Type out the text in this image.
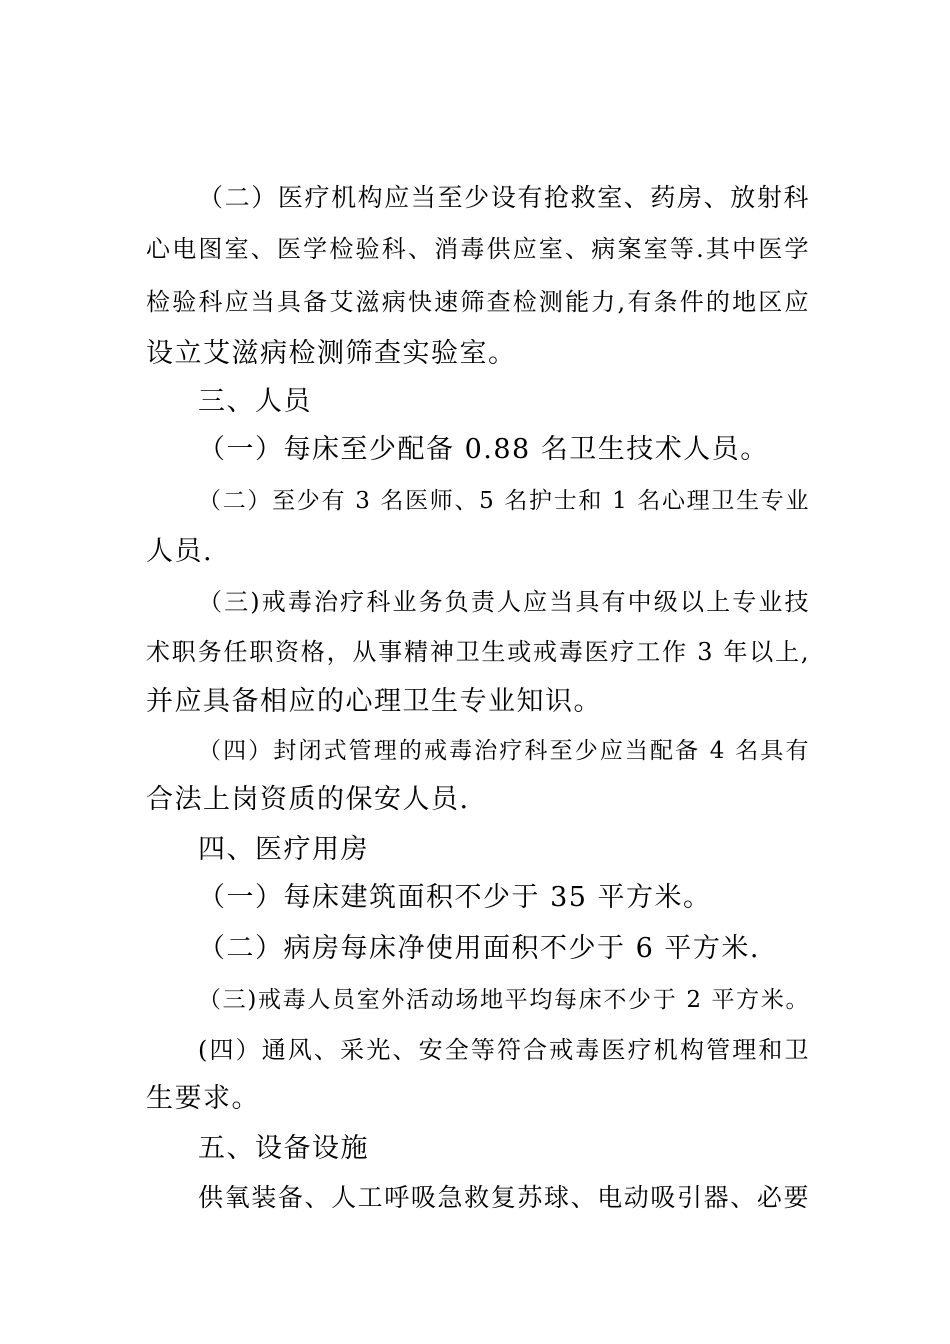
（二）医疗机构应当至少设有抢救室、药房、放射科
心电图室、医学检验科、消毒供应室、病案室等.其中医学
检验科应当具备艾滋病快速筛查检测能力,有条件的地区应
设立艾滋病检测筛查实验室。
三、人员
（一）每床至少配备 0.88 名卫生技术人员。
（二）至少有 3 名医师、5 名护士和 1 名心理卫生专业
人员.
（三)戒毒治疗科业务负责人应当具有中级以上专业技
术职务任职资格，从事精神卫生或戒毒医疗工作 3 年以上,
并应具备相应的心理卫生专业知识。
（四）封闭式管理的戒毒治疗科至少应当配备 4 名具有
合法上岗资质的保安人员.
四、医疗用房
（一）每床建筑面积不少于 35 平方米。
（二）病房每床净使用面积不少于 6 平方米.
（三)戒毒人员室外活动场地平均每床不少于 2 平方米。
(四）通风、采光、安全等符合戒毒医疗机构管理和卫
生要求。
五、设备设施
供氧装备、人工呼吸急救复苏球、电动吸引器、必要
